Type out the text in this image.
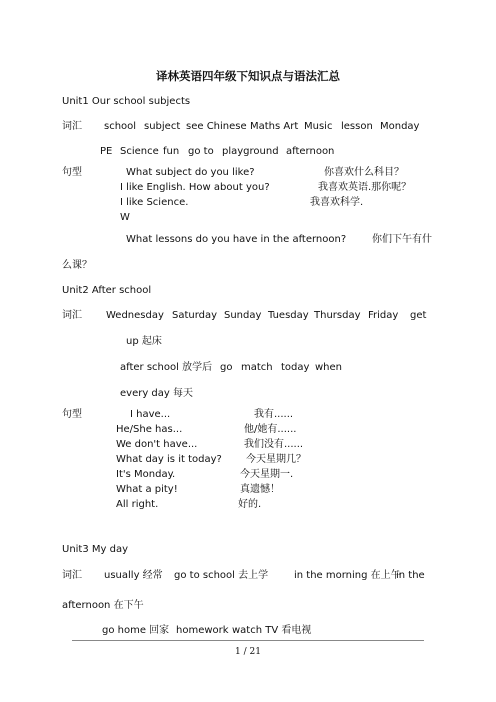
译林英语四年级下知识点与语法汇总
Unit1 Our school subjects
词汇 school subject see Chinese Maths Art Music lesson Monday
PE Science fun go to playground afternoon
句型	What subject do you like?	你喜欢什么科目？
I like English. How about you?	我喜欢英语.那你呢？
I like Science.	我喜欢科学.
W
What lessons do you have in the afternoon?	你们下午有什
么课？
Unit2 After school
词汇 Wednesday Saturday Sunday Tuesday Thursday Friday get
up 起床
after school 放学后 go match today when
every day 每天
句型	I have...	我有......
He/She has...	他/她有......
We don't have...	我们没有......
What day is it today? 今天星期几？
It's Monday.	今天星期一.
What a pity!	真遗憾！
All right.	好的.
Unit3 My day
词汇 usually 经常 go to school 去上学	in the morning 在上午
in the
afternoon 在下午
go home 回家 homework watch TV 看电视
1 / 21
